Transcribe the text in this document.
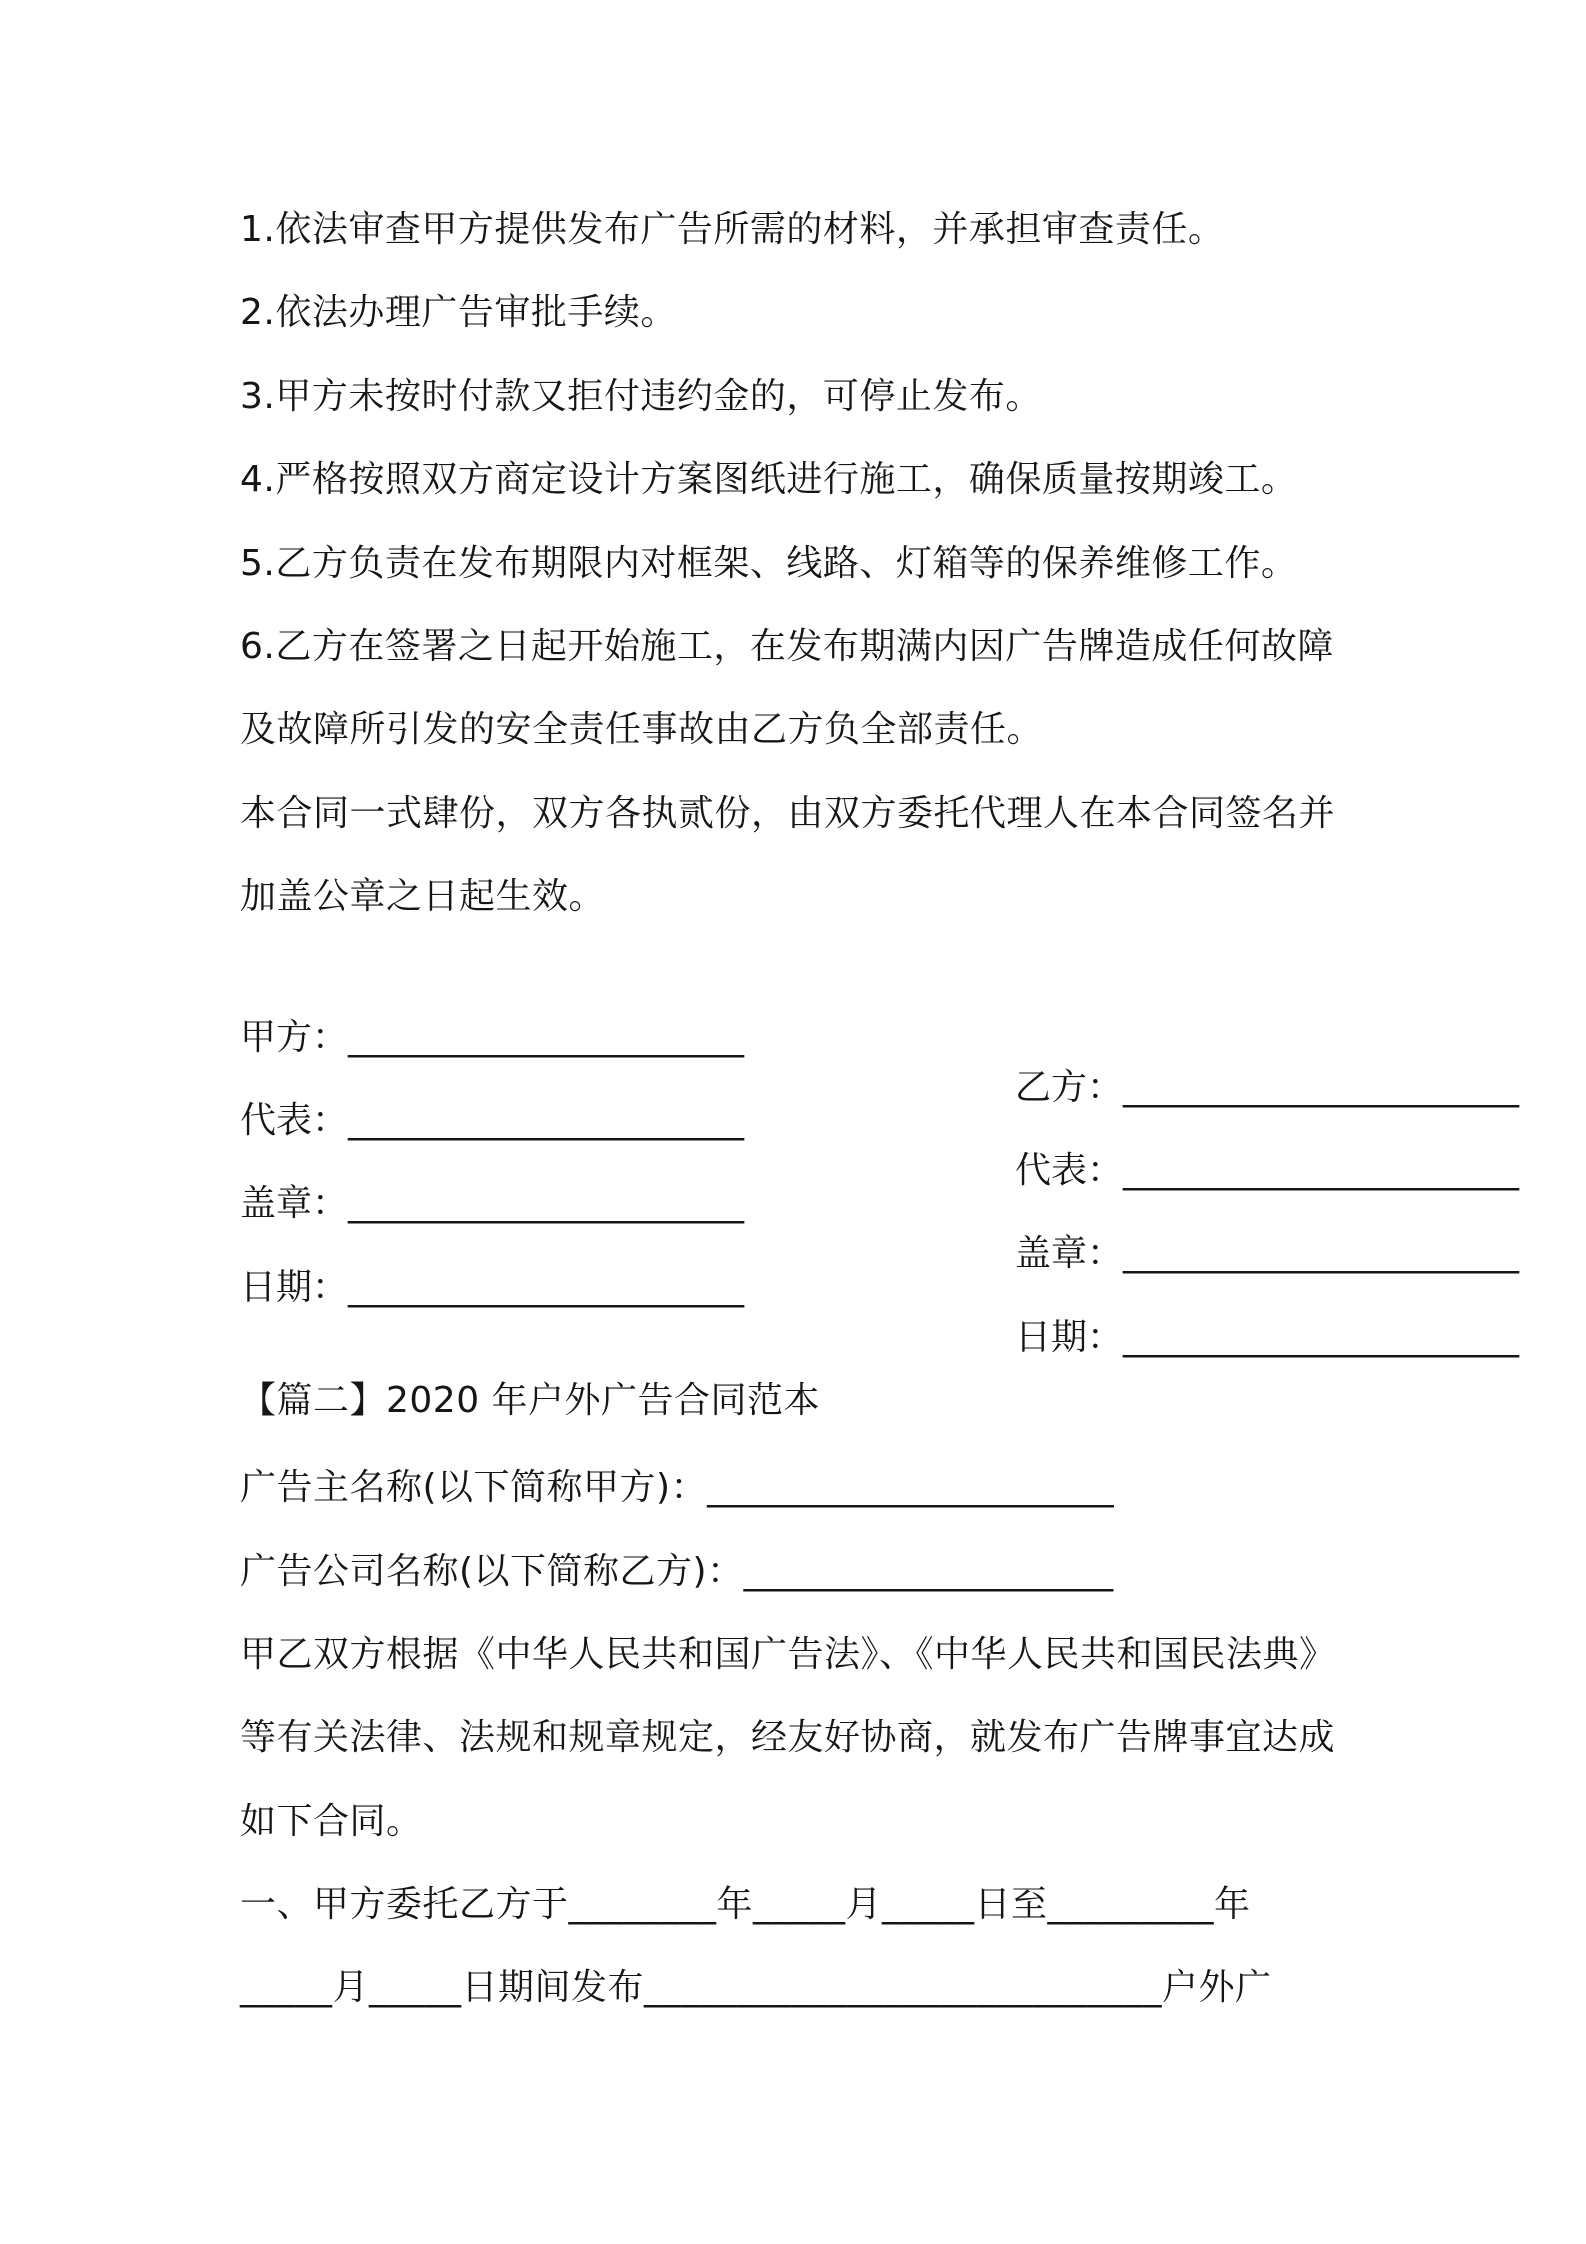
1.依法审查甲方提供发布广告所需的材料，并承担审查责任。
2.依法办理广告审批手续。
3.甲方未按时付款又拒付违约金的，可停止发布。
4.严格按照双方商定设计方案图纸进行施工，确保质量按期竣工。
5.乙方负责在发布期限内对框架、线路、灯箱等的保养维修工作。
6.乙方在签署之日起开始施工，在发布期满内因广告牌造成任何故障
及故障所引发的安全责任事故由乙方负全部责任。
本合同一式肆份，双方各执贰份，由双方委托代理人在本合同签名并
加盖公章之日起生效。

甲方：______________________

乙方：______________________

代表：______________________

代表：______________________

盖章：______________________

盖章：______________________

日期：______________________

日期：______________________

【篇二】2020 年户外广告合同范本
广告主名称(以下简称甲方)：______________________
广告公司名称(以下简称乙方)：____________________
甲乙双方根据《中华人民共和国广告法》、《中华人民共和国民法典》
等有关法律、法规和规章规定，经友好协商，就发布广告牌事宜达成
如下合同。
一、甲方委托乙方于________年_____月_____日至_________年
_____月_____日期间发布____________________________户外广
